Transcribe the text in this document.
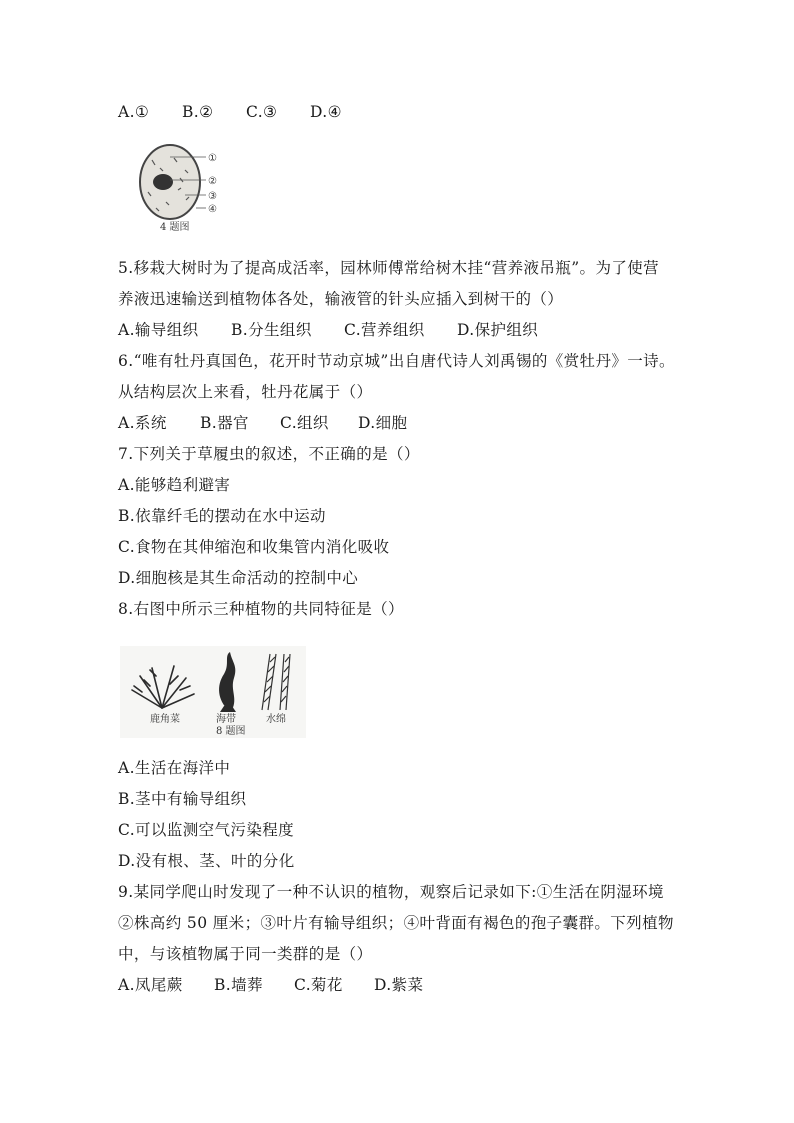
A.① B.② C.③ D.④
①
②
③
④
4 题图
5.移栽大树时为了提高成活率，园林师傅常给树木挂“营养液吊瓶”。为了使营
养液迅速输送到植物体各处，输液管的针头应插入到树干的（）
A.输导组织 B.分生组织 C.营养组织 D.保护组织
6.“唯有牡丹真国色，花开时节动京城”出自唐代诗人刘禹锡的《赏牡丹》一诗。
从结构层次上来看，牡丹花属于（）
A.系统 B.器官 C.组织 D.细胞
7.下列关于草履虫的叙述，不正确的是（）
A.能够趋利避害
B.依靠纤毛的摆动在水中运动
C.食物在其伸缩泡和收集管内消化吸收
D.细胞核是其生命活动的控制中心
8.右图中所示三种植物的共同特征是（）
鹿角菜	海带	水绵
8 题图
A.生活在海洋中
B.茎中有输导组织
C.可以监测空气污染程度
D.没有根、茎、叶的分化
9.某同学爬山时发现了一种不认识的植物，观察后记录如下:①生活在阴湿环境
②株高约 50 厘米；③叶片有输导组织；④叶背面有褐色的孢子囊群。下列植物
中，与该植物属于同一类群的是（）
A.凤尾蕨 B.墙葬 C.菊花 D.紫菜
